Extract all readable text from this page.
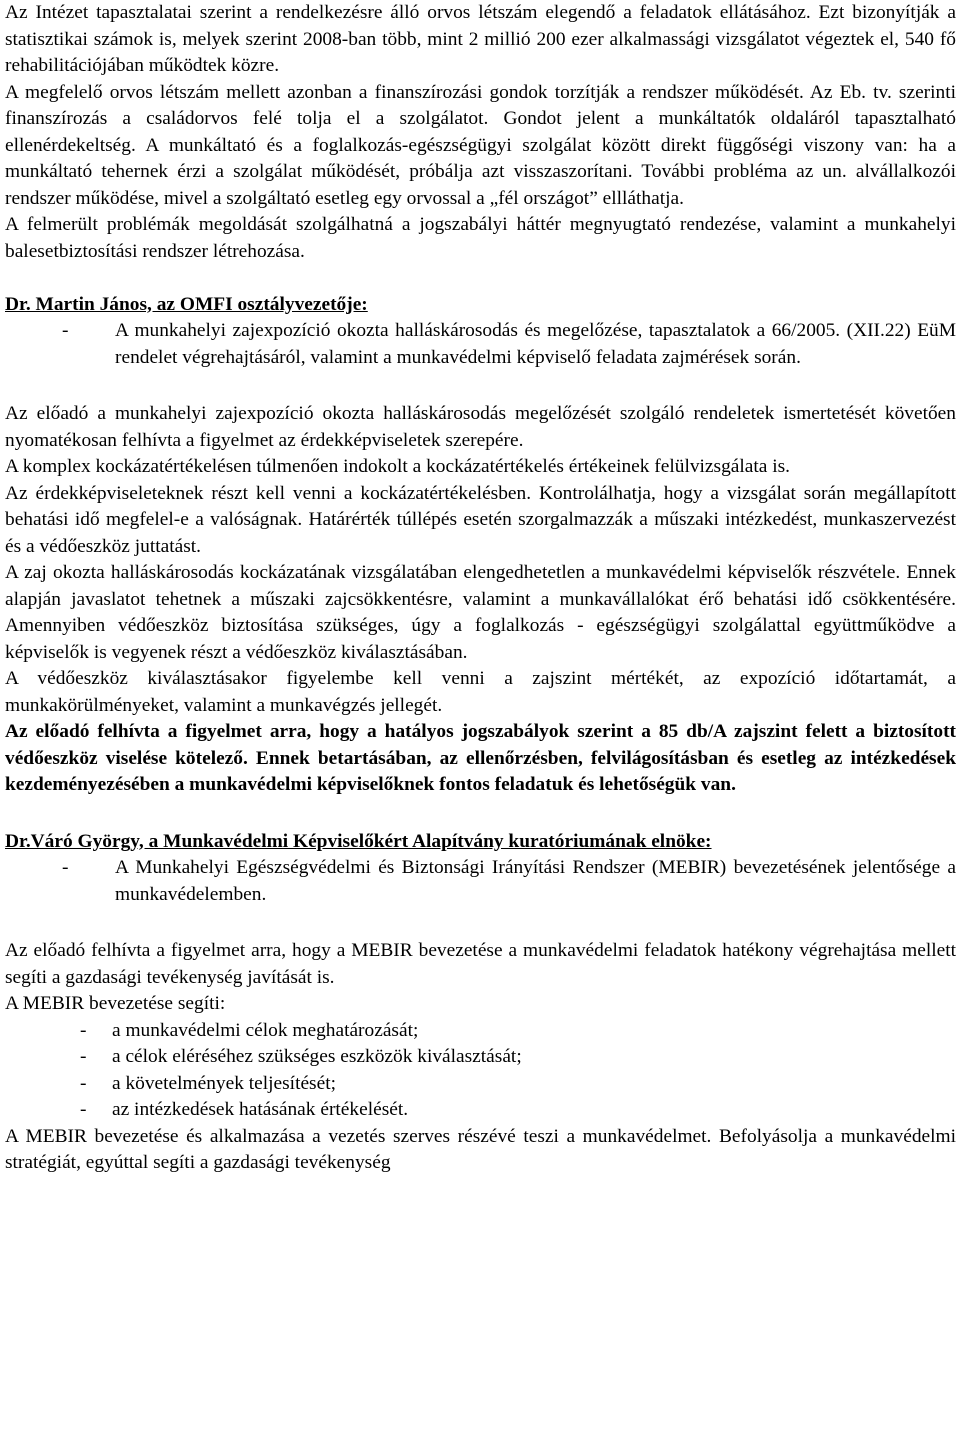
Az Intézet tapasztalatai szerint a rendelkezésre álló orvos létszám elegendő a feladatok ellátásához. Ezt bizonyítják a statisztikai számok is, melyek szerint 2008-ban több, mint 2 millió 200 ezer alkalmassági vizsgálatot végeztek el, 540 fő rehabilitációjában működtek közre.

A megfelelő orvos létszám mellett azonban a finanszírozási gondok torzítják a rendszer működését. Az Eb. tv. szerinti finanszírozás a családorvos felé tolja el a szolgálatot. Gondot jelent a munkáltatók oldaláról tapasztalható ellenérdekeltség. A munkáltató és a foglalkozás-egészségügyi szolgálat között direkt függőségi viszony van: ha a munkáltató tehernek érzi a szolgálat működését, próbálja azt visszaszorítani. További probléma az un. alvállalkozói rendszer működése, mivel a szolgáltató esetleg egy orvossal a „fél országot” ellláthatja.

A felmerült problémák megoldását szolgálhatná a jogszabályi háttér megnyugtató rendezése, valamint a munkahelyi balesetbiztosítási rendszer létrehozása.

Dr. Martin János, az OMFI osztályvezetője:

- A munkahelyi zajexpozíció okozta halláskárosodás és megelőzése, tapasztalatok a 66/2005. (XII.22) EüM rendelet végrehajtásáról, valamint a munkavédelmi képviselő feladata zajmérések során.

Az előadó a munkahelyi zajexpozíció okozta halláskárosodás megelőzését szolgáló rendeletek ismertetését követően nyomatékosan felhívta a figyelmet az érdekképviseletek szerepére.

A komplex kockázatértékelésen túlmenően indokolt a kockázatértékelés értékeinek felülvizsgálata is.

Az érdekképviseleteknek részt kell venni a kockázatértékelésben. Kontrolálhatja, hogy a vizsgálat során megállapított behatási idő megfelel-e a valóságnak. Határérték túllépés esetén szorgalmazzák a műszaki intézkedést, munkaszervezést és a védőeszköz juttatást.

A zaj okozta halláskárosodás kockázatának vizsgálatában elengedhetetlen a munkavédelmi képviselők részvétele. Ennek alapján javaslatot tehetnek a műszaki zajcsökkentésre, valamint a munkavállalókat érő behatási idő csökkentésére. Amennyiben védőeszköz biztosítása szükséges, úgy a foglalkozás - egészségügyi szolgálattal együttműködve a képviselők is vegyenek részt a védőeszköz kiválasztásában.

A védőeszköz kiválasztásakor figyelembe kell venni a zajszint mértékét, az expozíció időtartamát, a munkakörülményeket, valamint a munkavégzés jellegét.

Az előadó felhívta a figyelmet arra, hogy a hatályos jogszabályok szerint a 85 db/A zajszint felett a biztosított védőeszköz viselése kötelező. Ennek betartásában, az ellenőrzésben, felvilágosításban és esetleg az intézkedések kezdeményezésében a munkavédelmi képviselőknek fontos feladatuk és lehetőségük van.

Dr.Váró György, a Munkavédelmi Képviselőkért Alapítvány kuratóriumának elnöke:

- A Munkahelyi Egészségvédelmi és Biztonsági Irányítási Rendszer (MEBIR) bevezetésének jelentősége a munkavédelemben.

Az előadó felhívta a figyelmet arra, hogy a MEBIR bevezetése a munkavédelmi feladatok hatékony végrehajtása mellett segíti a gazdasági tevékenység javítását is.

A MEBIR bevezetése segíti:

- a munkavédelmi célok meghatározását;
- a célok eléréséhez szükséges eszközök kiválasztását;
- a követelmények teljesítését;
- az intézkedések hatásának értékelését.

A MEBIR bevezetése és alkalmazása a vezetés szerves részévé teszi a munkavédelmet. Befolyásolja a munkavédelmi stratégiát, egyúttal segíti a gazdasági tevékenység
